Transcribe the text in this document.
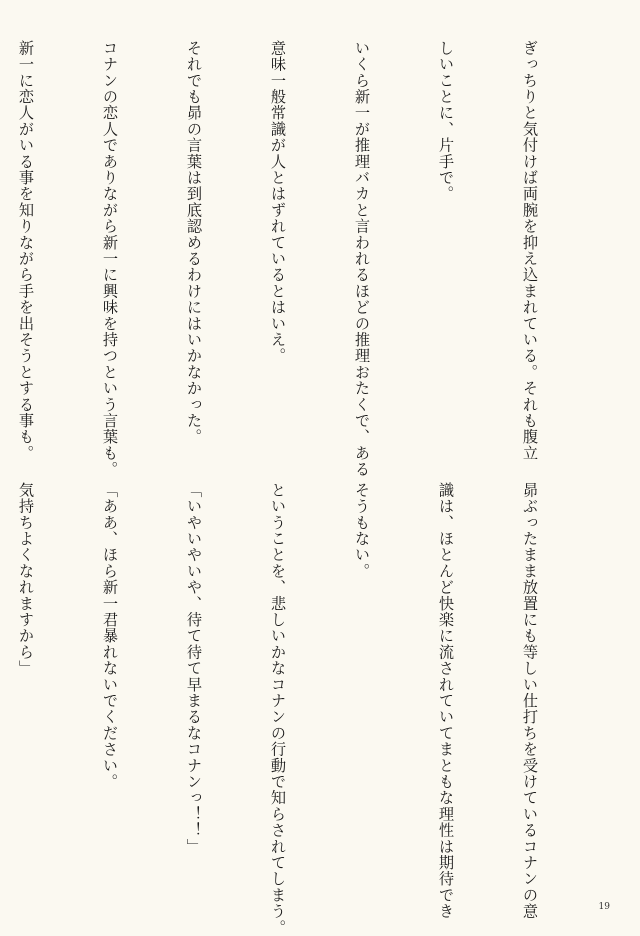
ぎっちりと気付けば両腕を抑え込まれている。それも腹立

しいことに、片手で。

いくら新一が推理バカと言われるほどの推理おたくで、ある

意味一般常識が人とはずれているとはいえ。

それでも昴の言葉は到底認めるわけにはいかなかった。

コナンの恋人でありながら新一に興味を持つという言葉も。

新一に恋人がいる事を知りながら手を出そうとする事も。

昴ぶったまま放置にも等しい仕打ちを受けているコナンの意

識は、ほとんど快楽に流されていてまともな理性は期待でき

そうもない。

ということを、悲しいかなコナンの行動で知らされてしまう。

「いやいやいや、待て待て早まるなコナンっ！！」

「ああ、ほら新一君暴れないでください。

気持ちよくなれますから」

19
